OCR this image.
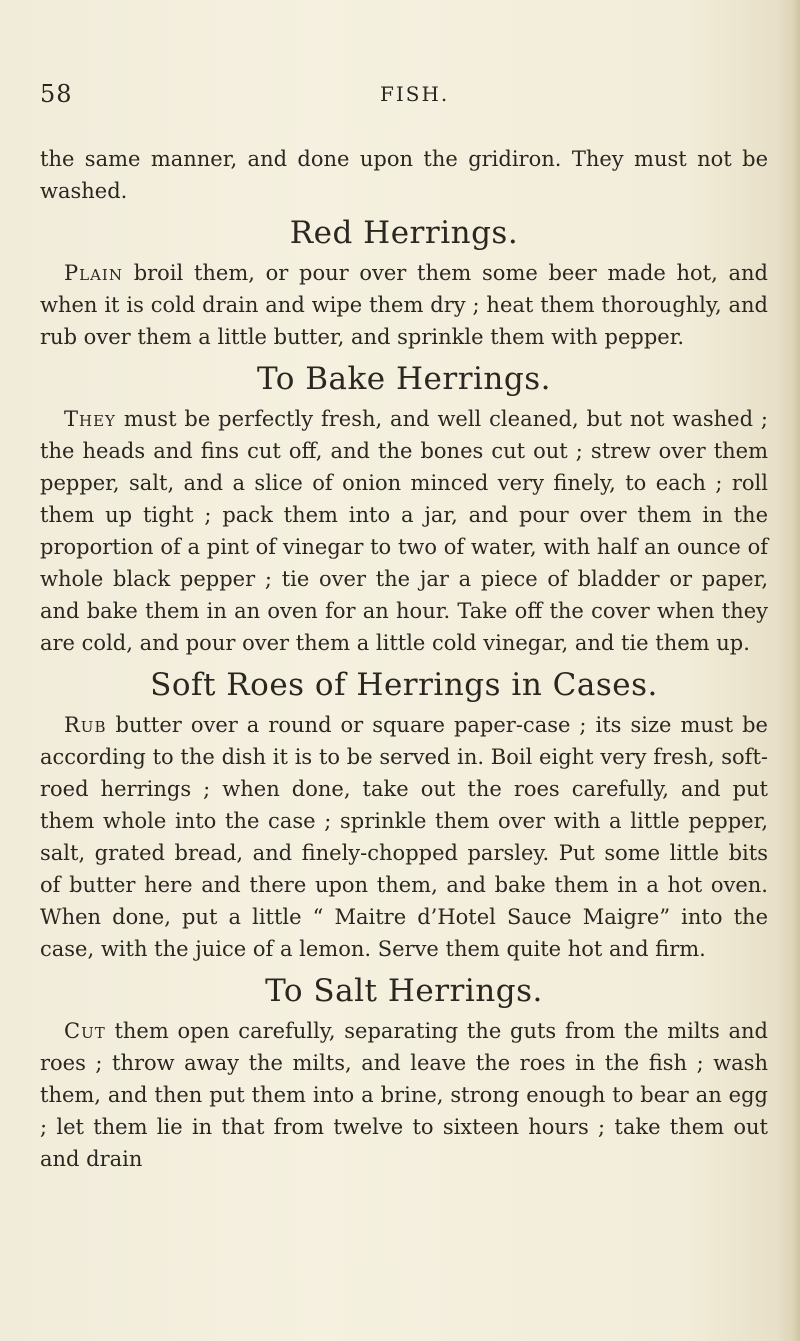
58	FISH.

the same manner, and done upon the gridiron. They must not be washed.

Red Herrings.

Plain broil them, or pour over them some beer made hot, and when it is cold drain and wipe them dry ; heat them thoroughly, and rub over them a little butter, and sprinkle them with pepper.

To Bake Herrings.

They must be perfectly fresh, and well cleaned, but not washed ; the heads and fins cut off, and the bones cut out ; strew over them pepper, salt, and a slice of onion minced very finely, to each ; roll them up tight ; pack them into a jar, and pour over them in the proportion of a pint of vinegar to two of water, with half an ounce of whole black pepper ; tie over the jar a piece of bladder or paper, and bake them in an oven for an hour. Take off the cover when they are cold, and pour over them a little cold vinegar, and tie them up.

Soft Roes of Herrings in Cases.

Rub butter over a round or square paper-case ; its size must be according to the dish it is to be served in. Boil eight very fresh, soft-roed herrings ; when done, take out the roes carefully, and put them whole into the case ; sprinkle them over with a little pepper, salt, grated bread, and finely-chopped parsley. Put some little bits of butter here and there upon them, and bake them in a hot oven. When done, put a little “ Maitre d’Hotel Sauce Maigre” into the case, with the juice of a lemon. Serve them quite hot and firm.

To Salt Herrings.

Cut them open carefully, separating the guts from the milts and roes ; throw away the milts, and leave the roes in the fish ; wash them, and then put them into a brine, strong enough to bear an egg ; let them lie in that from twelve to sixteen hours ; take them out and drain
